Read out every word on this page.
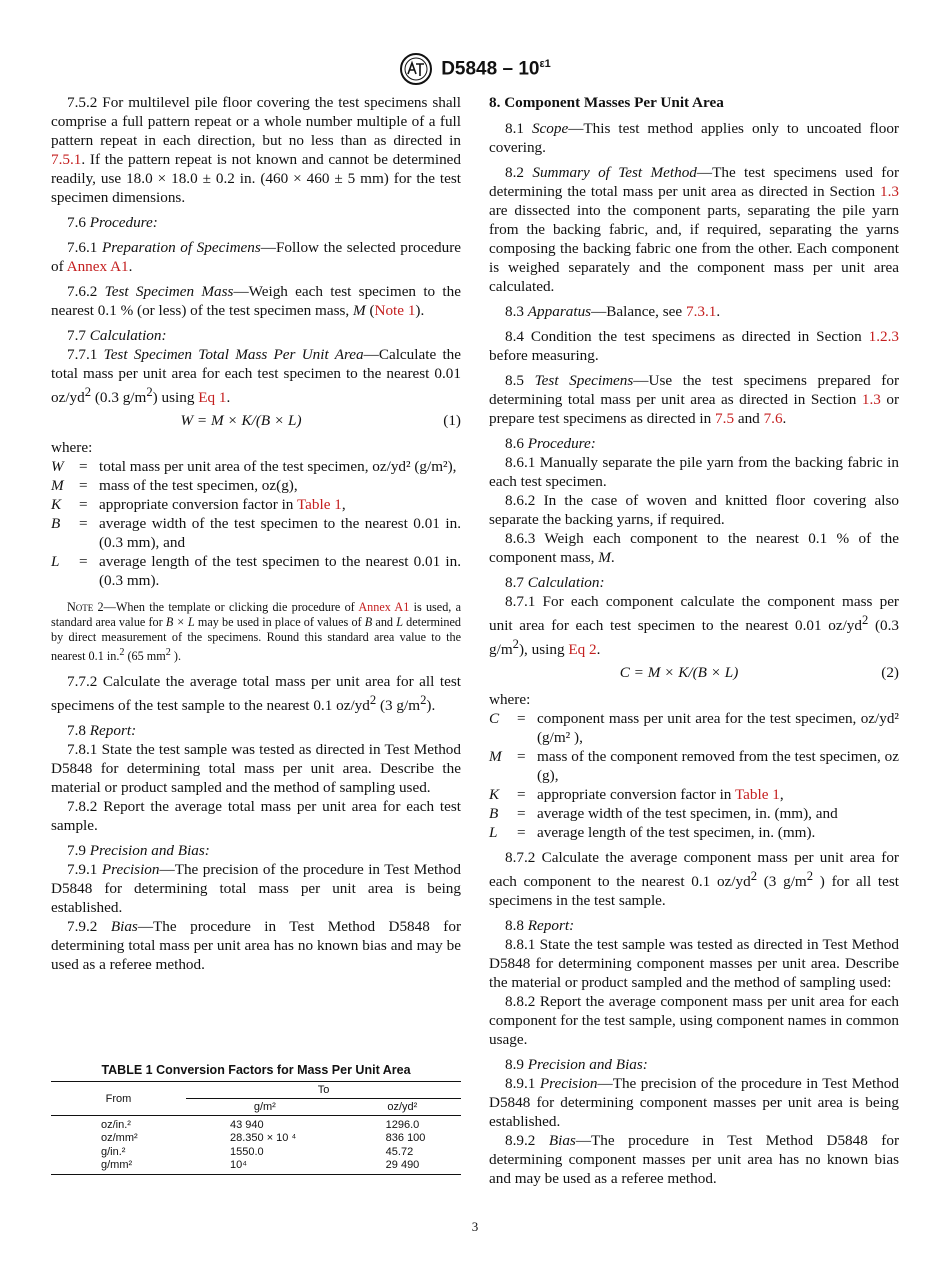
$D5848 - 10^{\varepsilon 1}$

7.5.2 For multilevel pile floor covering the test specimens shall comprise a full pattern repeat or a whole number multiple of a full pattern repeat in each direction, but no less than as directed in 7.5.1. If the pattern repeat is not known and cannot be determined readily, use 18.0 × 18.0 ± 0.2 in. (460 × 460 ± 5 mm) for the test specimen dimensions.

7.6 Procedure:

7.6.1 Preparation of Specimens—Follow the selected procedure of Annex A1.

7.6.2 Test Specimen Mass—Weigh each test specimen to the nearest 0.1 % (or less) of the test specimen mass, M (Note 1).

7.7 Calculation:

7.7.1 Test Specimen Total Mass Per Unit Area—Calculate the total mass per unit area for each test specimen to the nearest 0.01 $oz/yd^2$ (0.3 $g/m^2$) using Eq 1.

W = M × K/(B × L)	(1)

where:

W	=	total mass per unit area of the test specimen, oz/yd² (g/m²),
M	=	mass of the test specimen, oz(g),
K	=	appropriate conversion factor in Table 1,
B	=	average width of the test specimen to the nearest 0.01 in. (0.3 mm), and
L	=	average length of the test specimen to the nearest 0.01 in. (0.3 mm).

Note 2—When the template or clicking die procedure of Annex A1 is used, a standard area value for B × L may be used in place of values of B and L determined by direct measurement of the specimens. Round this standard area value to the nearest 0.1 in.$^2$ (65 $mm^2$ ).

7.7.2 Calculate the average total mass per unit area for all test specimens of the test sample to the nearest 0.1 $oz/yd^2$ (3 $g/m^2$).

7.8 Report:

7.8.1 State the test sample was tested as directed in Test Method D5848 for determining total mass per unit area. Describe the material or product sampled and the method of sampling used.

7.8.2 Report the average total mass per unit area for each test sample.

7.9 Precision and Bias:

7.9.1 Precision—The precision of the procedure in Test Method D5848 for determining total mass per unit area is being established.

7.9.2 Bias—The procedure in Test Method D5848 for determining total mass per unit area has no known bias and may be used as a referee method.

TABLE 1 Conversion Factors for Mass Per Unit Area
From	To	
	g/m²	oz/yd²
oz/in.²	43 940	1296.0
oz/mm²	28.350 × 10 ⁴	836 100
g/in.²	1550.0	45.72
g/mm²	10⁴	29 490

8. Component Masses Per Unit Area

8.1 Scope—This test method applies only to uncoated floor covering.

8.2 Summary of Test Method—The test specimens used for determining the total mass per unit area as directed in Section 1.3 are dissected into the component parts, separating the pile yarn from the backing fabric, and, if required, separating the yarns composing the backing fabric one from the other. Each component is weighed separately and the component mass per unit area calculated.

8.3 Apparatus—Balance, see 7.3.1.

8.4 Condition the test specimens as directed in Section 1.2.3 before measuring.

8.5 Test Specimens—Use the test specimens prepared for determining total mass per unit area as directed in Section 1.3 or prepare test specimens as directed in 7.5 and 7.6.

8.6 Procedure:

8.6.1 Manually separate the pile yarn from the backing fabric in each test specimen.

8.6.2 In the case of woven and knitted floor covering also separate the backing yarns, if required.

8.6.3 Weigh each component to the nearest 0.1 % of the component mass, M.

8.7 Calculation:

8.7.1 For each component calculate the component mass per unit area for each test specimen to the nearest 0.01 $oz/yd^2$ (0.3 $g/m^2$), using Eq 2.

C = M × K/(B × L)	(2)

where:

C	=	component mass per unit area for the test specimen, oz/yd² (g/m² ),
M	=	mass of the component removed from the test specimen, oz (g),
K	=	appropriate conversion factor in Table 1,
B	=	average width of the test specimen, in. (mm), and
L	=	average length of the test specimen, in. (mm).

8.7.2 Calculate the average component mass per unit area for each component to the nearest 0.1 $oz/yd^2$ (3 $g/m^2$ ) for all test specimens in the test sample.

8.8 Report:

8.8.1 State the test sample was tested as directed in Test Method D5848 for determining component masses per unit area. Describe the material or product sampled and the method of sampling used:

8.8.2 Report the average component mass per unit area for each component for the test sample, using component names in common usage.

8.9 Precision and Bias:

8.9.1 Precision—The precision of the procedure in Test Method D5848 for determining component masses per unit area is being established.

8.9.2 Bias—The procedure in Test Method D5848 for determining component masses per unit area has no known bias and may be used as a referee method.

3
